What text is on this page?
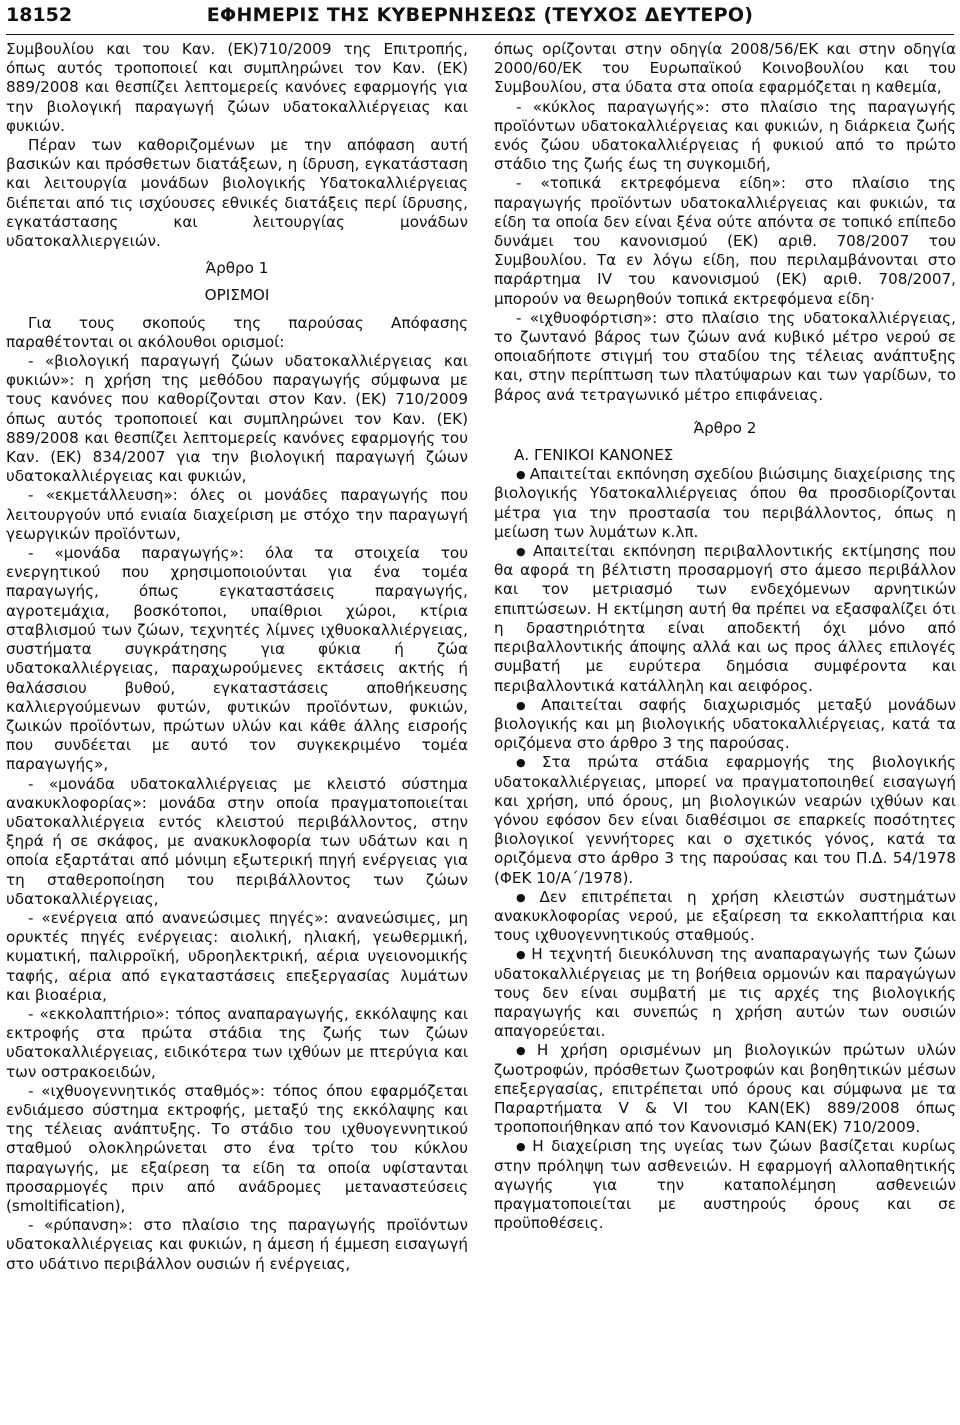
18152	ΕΦΗΜΕΡΙΣ ΤΗΣ ΚΥΒΕΡΝΗΣΕΩΣ (ΤΕΥΧΟΣ ΔΕΥΤΕΡΟ)

Συμβουλίου και του Καν. (ΕΚ)710/2009 της Επιτροπής, όπως αυτός τροποποιεί και συμπληρώνει τον Καν. (ΕΚ) 889/2008 και θεσπίζει λεπτομερείς κανόνες εφαρμογής για την βιολογική παραγωγή ζώων υδατοκαλλιέργειας και φυκιών.

Πέραν των καθοριζομένων με την απόφαση αυτή βασικών και πρόσθετων διατάξεων, η ίδρυση, εγκατάσταση και λειτουργία μονάδων βιολογικής Υδατοκαλλιέργειας διέπεται από τις ισχύουσες εθνικές διατάξεις περί ίδρυσης, εγκατάστασης και λειτουργίας μονάδων υδατοκαλλιεργειών.

Άρθρο 1

ΟΡΙΣΜΟΙ

Για τους σκοπούς της παρούσας Απόφασης παραθέτονται οι ακόλουθοι ορισμοί:

- «βιολογική παραγωγή ζώων υδατοκαλλιέργειας και φυκιών»: η χρήση της μεθόδου παραγωγής σύμφωνα με τους κανόνες που καθορίζονται στον Καν. (ΕΚ) 710/2009 όπως αυτός τροποποιεί και συμπληρώνει τον Καν. (ΕΚ) 889/2008 και θεσπίζει λεπτομερείς κανόνες εφαρμογής του Καν. (ΕΚ) 834/2007 για την βιολογική παραγωγή ζώων υδατοκαλλιέργειας και φυκιών,

- «εκμετάλλευση»: όλες οι μονάδες παραγωγής που λειτουργούν υπό ενιαία διαχείριση με στόχο την παραγωγή γεωργικών προϊόντων,

- «μονάδα παραγωγής»: όλα τα στοιχεία του ενεργητικού που χρησιμοποιούνται για ένα τομέα παραγωγής, όπως εγκαταστάσεις παραγωγής, αγροτεμάχια, βοσκότοποι, υπαίθριοι χώροι, κτίρια σταβλισμού των ζώων, τεχνητές λίμνες ιχθυοκαλλιέργειας, συστήματα συγκράτησης για φύκια ή ζώα υδατοκαλλιέργειας, παραχωρούμενες εκτάσεις ακτής ή θαλάσσιου βυθού, εγκαταστάσεις αποθήκευσης καλλιεργούμενων φυτών, φυτικών προϊόντων, φυκιών, ζωικών προϊόντων, πρώτων υλών και κάθε άλλης εισροής που συνδέεται με αυτό τον συγκεκριμένο τομέα παραγωγής»,

- «μονάδα υδατοκαλλιέργειας με κλειστό σύστημα ανακυκλοφορίας»: μονάδα στην οποία πραγματοποιείται υδατοκαλλιέργεια εντός κλειστού περιβάλλοντος, στην ξηρά ή σε σκάφος, με ανακυκλοφορία των υδάτων και η οποία εξαρτάται από μόνιμη εξωτερική πηγή ενέργειας για τη σταθεροποίηση του περιβάλλοντος των ζώων υδατοκαλλιέργειας,

- «ενέργεια από ανανεώσιμες πηγές»: ανανεώσιμες, μη ορυκτές πηγές ενέργειας: αιολική, ηλιακή, γεωθερμική, κυματική, παλιρροϊκή, υδροηλεκτρική, αέρια υγειονομικής ταφής, αέρια από εγκαταστάσεις επεξεργασίας λυμάτων και βιοαέρια,

- «εκκολαπτήριο»: τόπος αναπαραγωγής, εκκόλαψης και εκτροφής στα πρώτα στάδια της ζωής των ζώων υδατοκαλλιέργειας, ειδικότερα των ιχθύων με πτερύγια και των οστρακοειδών,

- «ιχθυογεννητικός σταθμός»: τόπος όπου εφαρμόζεται ενδιάμεσο σύστημα εκτροφής, μεταξύ της εκκόλαψης και της τέλειας ανάπτυξης. Το στάδιο του ιχθυογεννητικού σταθμού ολοκληρώνεται στο ένα τρίτο του κύκλου παραγωγής, με εξαίρεση τα είδη τα οποία υφίστανται προσαρμογές πριν από ανάδρομες μεταναστεύσεις (smoltification),

- «ρύπανση»: στο πλαίσιο της παραγωγής προϊόντων υδατοκαλλιέργειας και φυκιών, η άμεση ή έμμεση εισαγωγή στο υδάτινο περιβάλλον ουσιών ή ενέργειας,

όπως ορίζονται στην οδηγία 2008/56/ΕΚ και στην οδηγία 2000/60/ΕΚ του Ευρωπαϊκού Κοινοβουλίου και του Συμβουλίου, στα ύδατα στα οποία εφαρμόζεται η καθεμία,

- «κύκλος παραγωγής»: στο πλαίσιο της παραγωγής προϊόντων υδατοκαλλιέργειας και φυκιών, η διάρκεια ζωής ενός ζώου υδατοκαλλιέργειας ή φυκιού από το πρώτο στάδιο της ζωής έως τη συγκομιδή,

- «τοπικά εκτρεφόμενα είδη»: στο πλαίσιο της παραγωγής προϊόντων υδατοκαλλιέργειας και φυκιών, τα είδη τα οποία δεν είναι ξένα ούτε απόντα σε τοπικό επίπεδο δυνάμει του κανονισμού (ΕΚ) αριθ. 708/2007 του Συμβουλίου. Τα εν λόγω είδη, που περιλαμβάνονται στο παράρτημα IV του κανονισμού (ΕΚ) αριθ. 708/2007, μπορούν να θεωρηθούν τοπικά εκτρεφόμενα είδη·

- «ιχθυοφόρτιση»: στο πλαίσιο της υδατοκαλλιέργειας, το ζωντανό βάρος των ζώων ανά κυβικό μέτρο νερού σε οποιαδήποτε στιγμή του σταδίου της τέλειας ανάπτυξης και, στην περίπτωση των πλατύψαρων και των γαρίδων, το βάρος ανά τετραγωνικό μέτρο επιφάνειας.

Άρθρο 2

Α. ΓΕΝΙΚΟΙ ΚΑΝΟΝΕΣ

● Απαιτείται εκπόνηση σχεδίου βιώσιμης διαχείρισης της βιολογικής Υδατοκαλλιέργειας όπου θα προσδιορίζονται μέτρα για την προστασία του περιβάλλοντος, όπως η μείωση των λυμάτων κ.λπ.

● Απαιτείται εκπόνηση περιβαλλοντικής εκτίμησης που θα αφορά τη βέλτιστη προσαρμογή στο άμεσο περιβάλλον και τον μετριασμό των ενδεχόμενων αρνητικών επιπτώσεων. Η εκτίμηση αυτή θα πρέπει να εξασφαλίζει ότι η δραστηριότητα είναι αποδεκτή όχι μόνο από περιβαλλοντικής άποψης αλλά και ως προς άλλες επιλογές συμβατή με ευρύτερα δημόσια συμφέροντα και περιβαλλοντικά κατάλληλη και αειφόρος.

● Απαιτείται σαφής διαχωρισμός μεταξύ μονάδων βιολογικής και μη βιολογικής υδατοκαλλιέργειας, κατά τα οριζόμενα στο άρθρο 3 της παρούσας.

● Στα πρώτα στάδια εφαρμογής της βιολογικής υδατοκαλλιέργειας, μπορεί να πραγματοποιηθεί εισαγωγή και χρήση, υπό όρους, μη βιολογικών νεαρών ιχθύων και γόνου εφόσον δεν είναι διαθέσιμοι σε επαρκείς ποσότητες βιολογικοί γεννήτορες και ο σχετικός γόνος, κατά τα οριζόμενα στο άρθρο 3 της παρούσας και του Π.Δ. 54/1978 (ΦΕΚ 10/Α΄/1978).

● Δεν επιτρέπεται η χρήση κλειστών συστημάτων ανακυκλοφορίας νερού, με εξαίρεση τα εκκολαπτήρια και τους ιχθυογεννητικούς σταθμούς.

● Η τεχνητή διευκόλυνση της αναπαραγωγής των ζώων υδατοκαλλιέργειας με τη βοήθεια ορμονών και παραγώγων τους δεν είναι συμβατή με τις αρχές της βιολογικής παραγωγής και συνεπώς η χρήση αυτών των ουσιών απαγορεύεται.

● Η χρήση ορισμένων μη βιολογικών πρώτων υλών ζωοτροφών, πρόσθετων ζωοτροφών και βοηθητικών μέσων επεξεργασίας, επιτρέπεται υπό όρους και σύμφωνα με τα Παραρτήματα V & VI του ΚΑΝ(ΕΚ) 889/2008 όπως τροποποιήθηκαν από τον Κανονισμό ΚΑΝ(ΕΚ) 710/2009.

● Η διαχείριση της υγείας των ζώων βασίζεται κυρίως στην πρόληψη των ασθενειών. Η εφαρμογή αλλοπαθητικής αγωγής για την καταπολέμηση ασθενειών πραγματοποιείται με αυστηρούς όρους και σε προϋποθέσεις.
